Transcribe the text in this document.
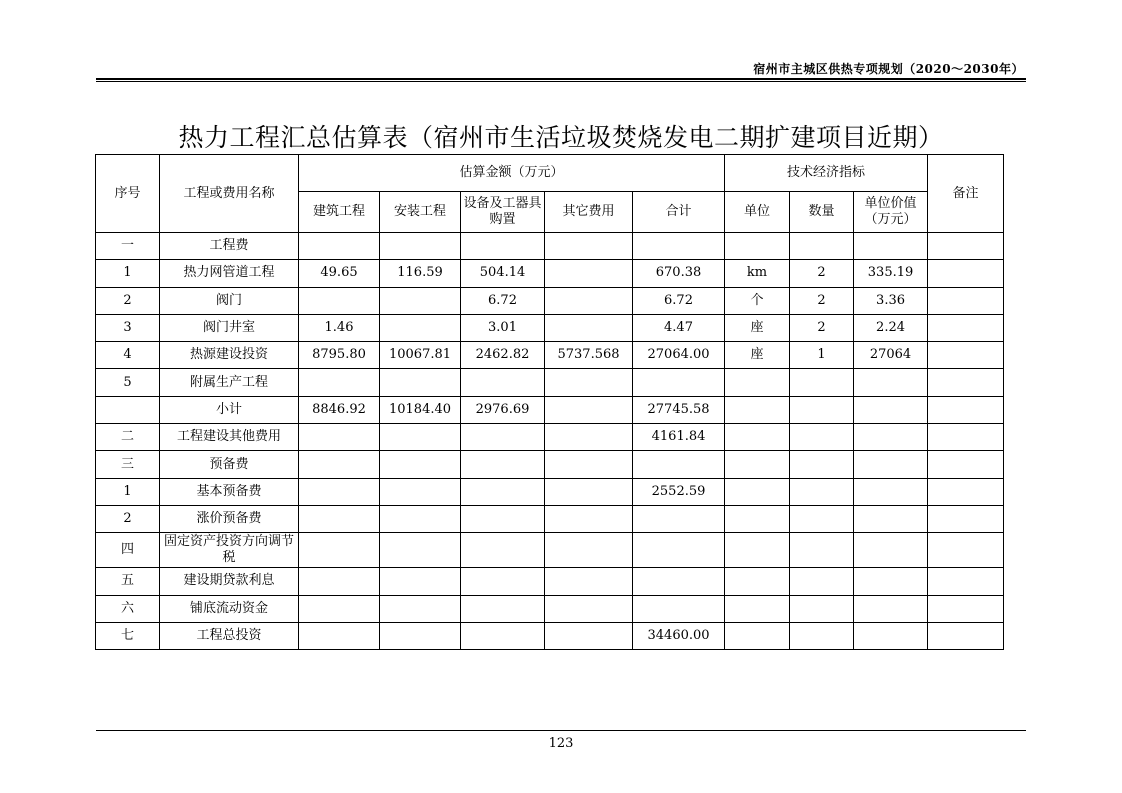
宿州市主城区供热专项规划（2020～2030年）
热力工程汇总估算表（宿州市生活垃圾焚烧发电二期扩建项目近期）
序号	工程或费用名称	估算金额（万元）					技术经济指标			备注
		建筑工程	安装工程	设备及工器具购置	其它费用	合计	单位	数量	单位价值（万元）	
一	工程费									
1	热力网管道工程	49.65	116.59	504.14		670.38	km	2	335.19	
2	阀门			6.72		6.72	个	2	3.36	
3	阀门井室	1.46		3.01		4.47	座	2	2.24	
4	热源建设投资	8795.80	10067.81	2462.82	5737.568	27064.00	座	1	27064	
5	附属生产工程									
	小计	8846.92	10184.40	2976.69		27745.58				
二	工程建设其他费用					4161.84				
三	预备费									
1	基本预备费					2552.59				
2	涨价预备费									
四	固定资产投资方向调节税									
五	建设期贷款利息									
六	铺底流动资金									
七	工程总投资					34460.00				
123
